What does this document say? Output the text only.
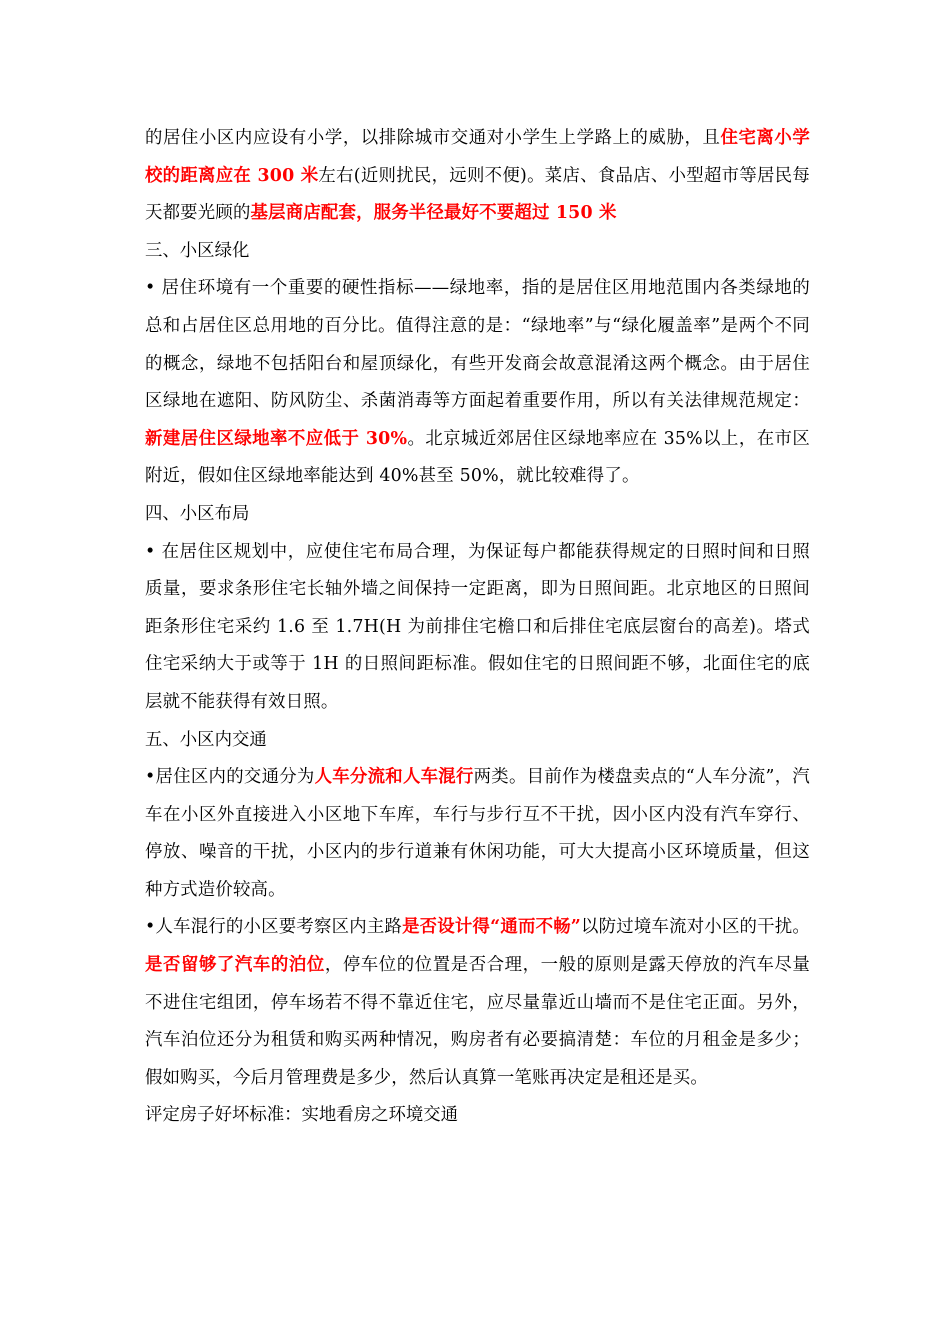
的居住小区内应设有小学，以排除城市交通对小学生上学路上的威胁，且住宅离小学校的距离应在 300 米左右(近则扰民，远则不便)。菜店、食品店、小型超市等居民每天都要光顾的基层商店配套，服务半径最好不要超过 150 米

三、小区绿化

• 居住环境有一个重要的硬性指标——绿地率，指的是居住区用地范围内各类绿地的总和占居住区总用地的百分比。值得注意的是：“绿地率”与“绿化履盖率”是两个不同的概念，绿地不包括阳台和屋顶绿化，有些开发商会故意混淆这两个概念。由于居住区绿地在遮阳、防风防尘、杀菌消毒等方面起着重要作用，所以有关法律规范规定：新建居住区绿地率不应低于 30%。北京城近郊居住区绿地率应在 35%以上，在市区附近，假如住区绿地率能达到 40%甚至 50%，就比较难得了。

四、小区布局

• 在居住区规划中，应使住宅布局合理，为保证每户都能获得规定的日照时间和日照质量，要求条形住宅长轴外墙之间保持一定距离，即为日照间距。北京地区的日照间距条形住宅采约 1.6 至 1.7H(H 为前排住宅檐口和后排住宅底层窗台的高差)。塔式住宅采纳大于或等于 1H 的日照间距标准。假如住宅的日照间距不够，北面住宅的底层就不能获得有效日照。

五、小区内交通

•居住区内的交通分为人车分流和人车混行两类。目前作为楼盘卖点的“人车分流”，汽车在小区外直接进入小区地下车库，车行与步行互不干扰，因小区内没有汽车穿行、停放、噪音的干扰，小区内的步行道兼有休闲功能，可大大提高小区环境质量，但这种方式造价较高。

•人车混行的小区要考察区内主路是否设计得“通而不畅”以防过境车流对小区的干扰。是否留够了汽车的泊位，停车位的位置是否合理，一般的原则是露天停放的汽车尽量不进住宅组团，停车场若不得不靠近住宅，应尽量靠近山墙而不是住宅正面。另外，汽车泊位还分为租赁和购买两种情况，购房者有必要搞清楚：车位的月租金是多少；假如购买，今后月管理费是多少，然后认真算一笔账再决定是租还是买。

评定房子好坏标准：实地看房之环境交通
